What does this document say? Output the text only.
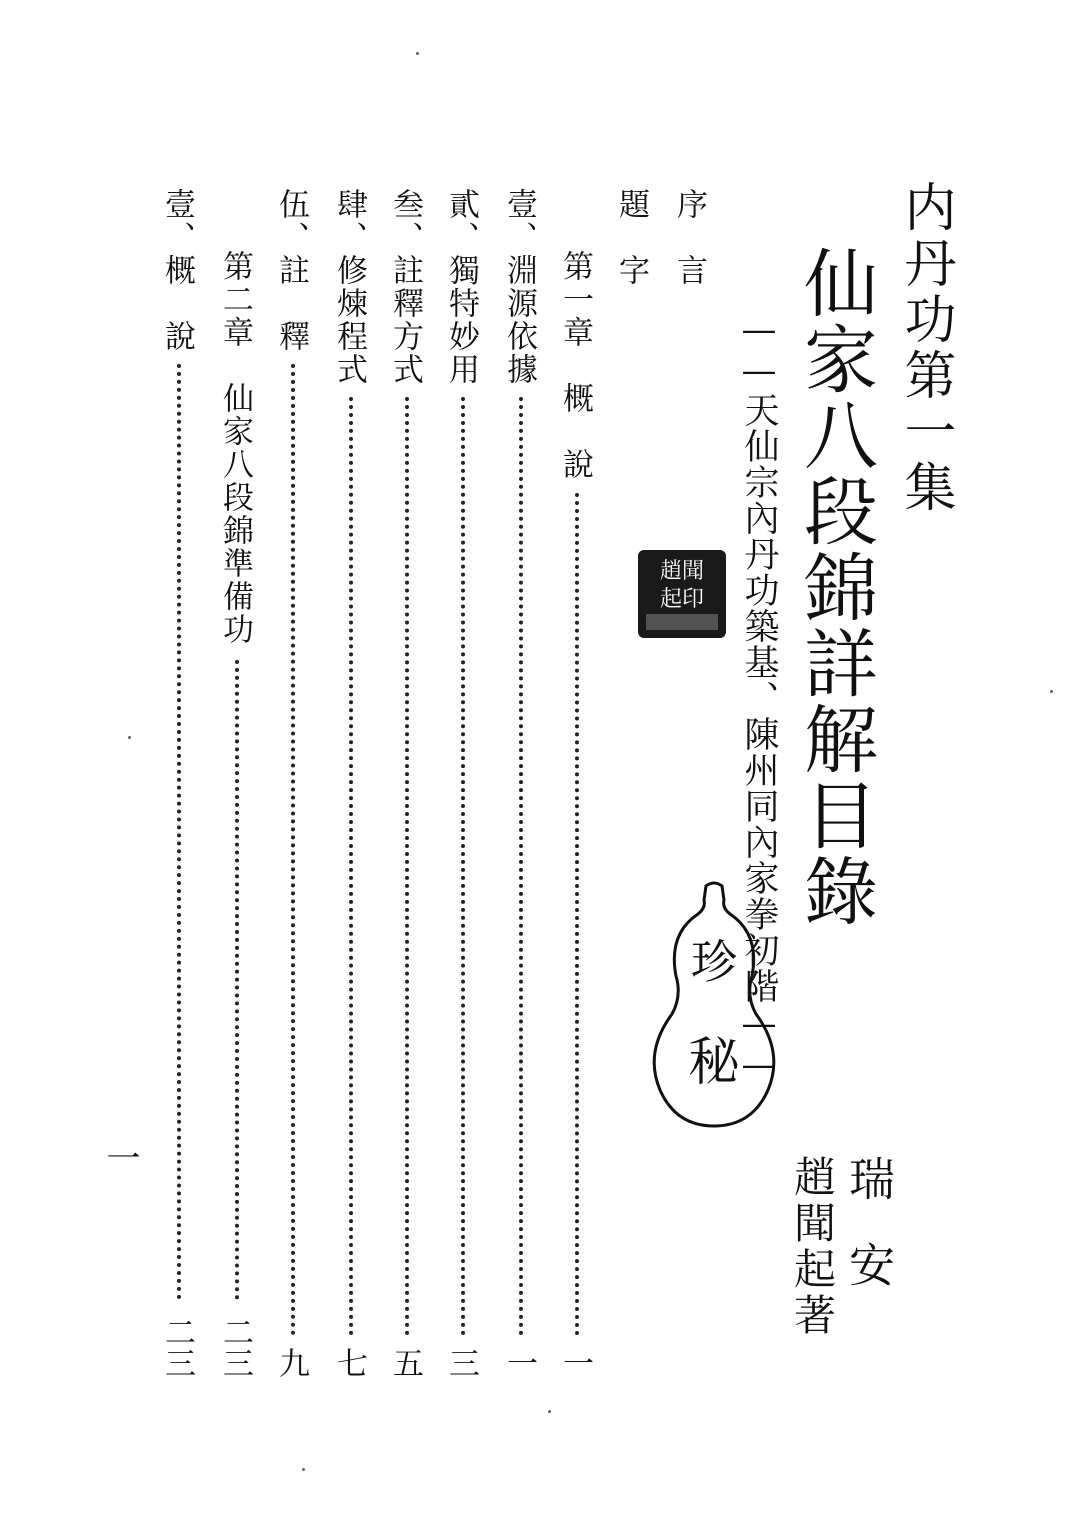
内丹功第一集
仙家八段錦詳解目錄
——天仙宗內丹功築基、陳州同內家拳初階——
瑞安
趙聞起著
趙聞
起印
珍
秘
序　言
題　字
第一章　概　說
一
壹、淵源依據
一
貳、獨特妙用
三
叁、註釋方式
五
肆、修煉程式
七
伍、註　釋
九
第二章　仙家八段錦準備功
二三
壹、概　說
二三
一
